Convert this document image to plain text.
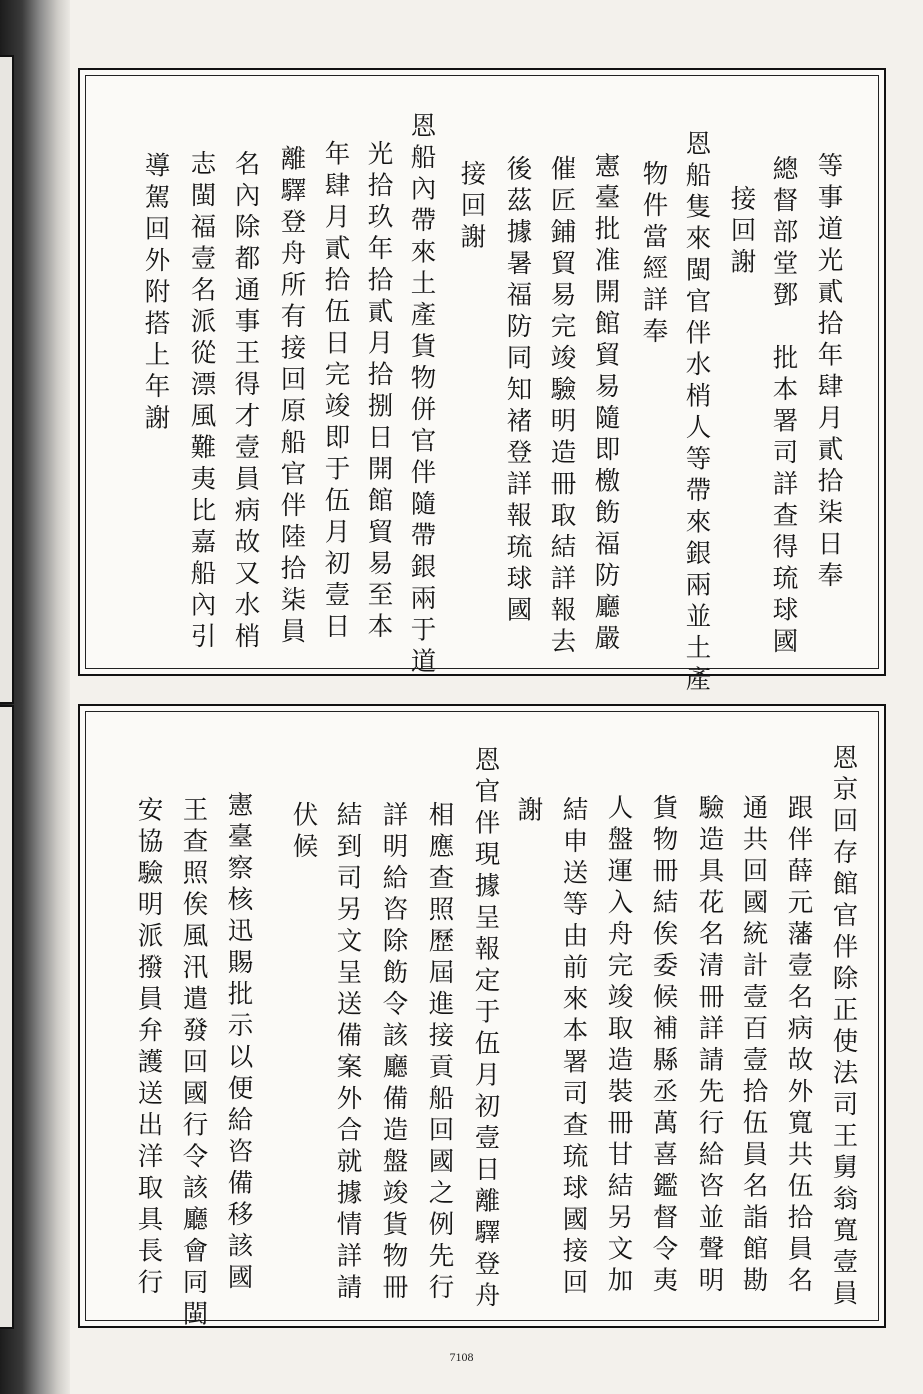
等事道光貳拾年肆月貳拾柒日奉
總督部堂鄧　批本署司詳查得琉球國
接回謝
恩船隻來閩官伴水梢人等帶來銀兩並土產
物件當經詳奉
憲臺批准開館貿易隨即檄飭福防廳嚴
催匠鋪貿易完竣驗明造冊取結詳報去
後茲據暑福防同知褚登詳報琉球國
接回謝
恩船內帶來土產貨物併官伴隨帶銀兩于道
光拾玖年拾貳月拾捌日開館貿易至本
年肆月貳拾伍日完竣即于伍月初壹日
離驛登舟所有接回原船官伴陸拾柒員
名內除都通事王得才壹員病故又水梢
志閩福壹名派從漂風難夷比嘉船內引
導駕回外附搭上年謝
恩京回存館官伴除正使法司王舅翁寬壹員
跟伴薛元藩壹名病故外寬共伍拾員名
通共回國統計壹百壹拾伍員名詣館勘
驗造具花名清冊詳請先行給咨並聲明
貨物冊結俟委候補縣丞萬喜鑑督令夷
人盤運入舟完竣取造裝冊甘結另文加
結申送等由前來本署司查琉球國接回
謝
恩官伴現據呈報定于伍月初壹日離驛登舟
相應查照歷屆進接貢船回國之例先行
詳明給咨除飭令該廳備造盤竣貨物冊
結到司另文呈送備案外合就據情詳請
伏候
憲臺察核迅賜批示以便給咨備移該國
王查照俟風汛遣發回國行令該廳會同閩
安協驗明派撥員弁護送出洋取具長行
7108
